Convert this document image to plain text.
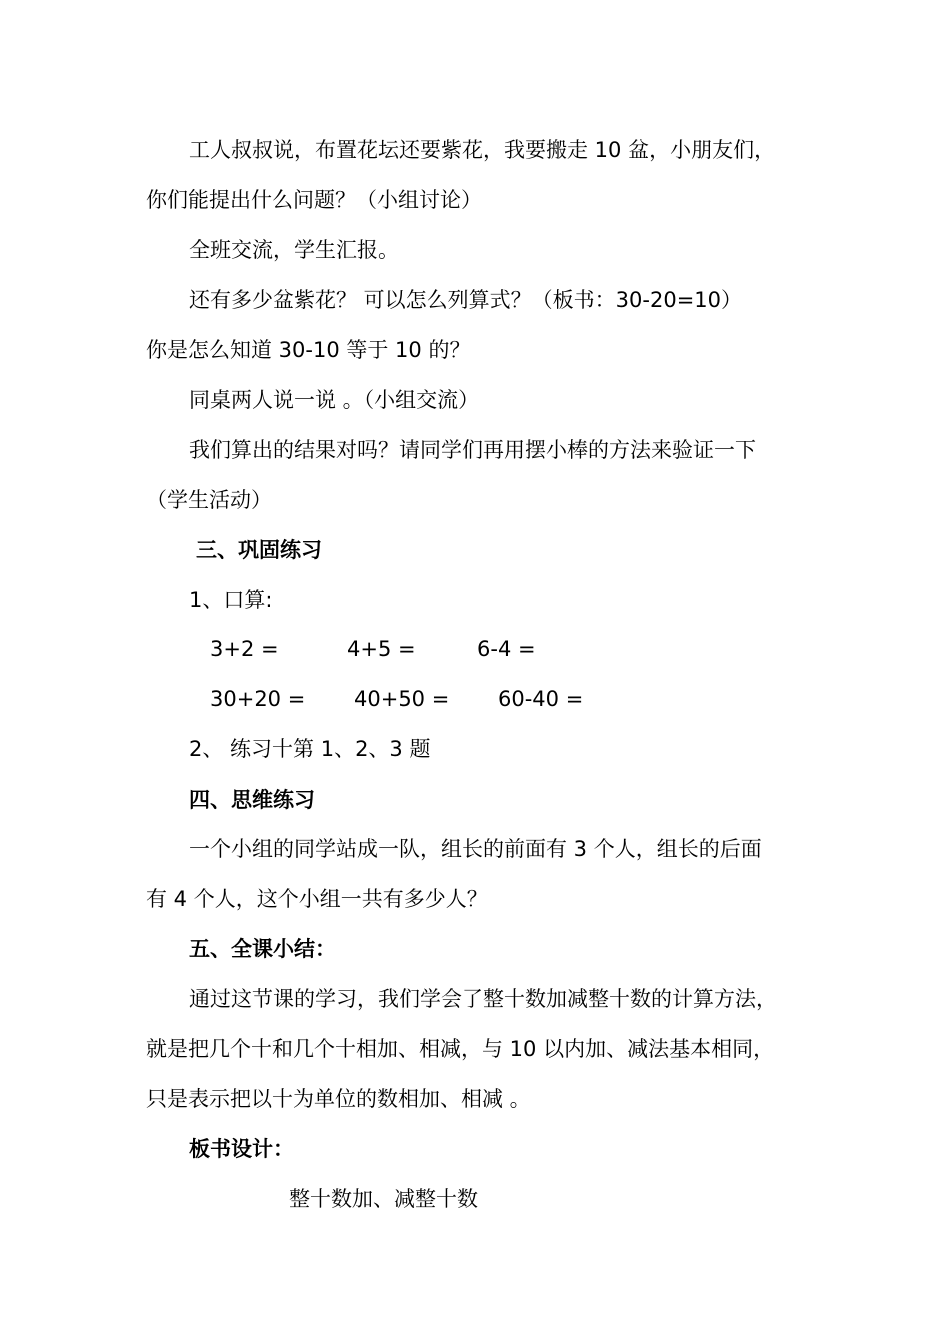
工人叔叔说，布置花坛还要紫花，我要搬走 10 盆，小朋友们，
你们能提出什么问题？（小组讨论）
全班交流，学生汇报。
还有多少盆紫花？ 可以怎么列算式？（板书：30-20=10）
你是怎么知道 30-10 等于 10 的？
同桌两人说一说 。（小组交流）
我们算出的结果对吗？请同学们再用摆小棒的方法来验证一下
（学生活动）
三、巩固练习
1、口算:
3+2 =	4+5 =	6-4 =
30+20 = 40+50 = 60-40 =
2、 练习十第 1、2、3 题
四、思维练习
一个小组的同学站成一队，组长的前面有 3 个人，组长的后面
有 4 个人，这个小组一共有多少人？
五、全课小结：
通过这节课的学习，我们学会了整十数加减整十数的计算方法，
就是把几个十和几个十相加、相减，与 10 以内加、减法基本相同，
只是表示把以十为单位的数相加、相减 。
板书设计：
整十数加、减整十数
